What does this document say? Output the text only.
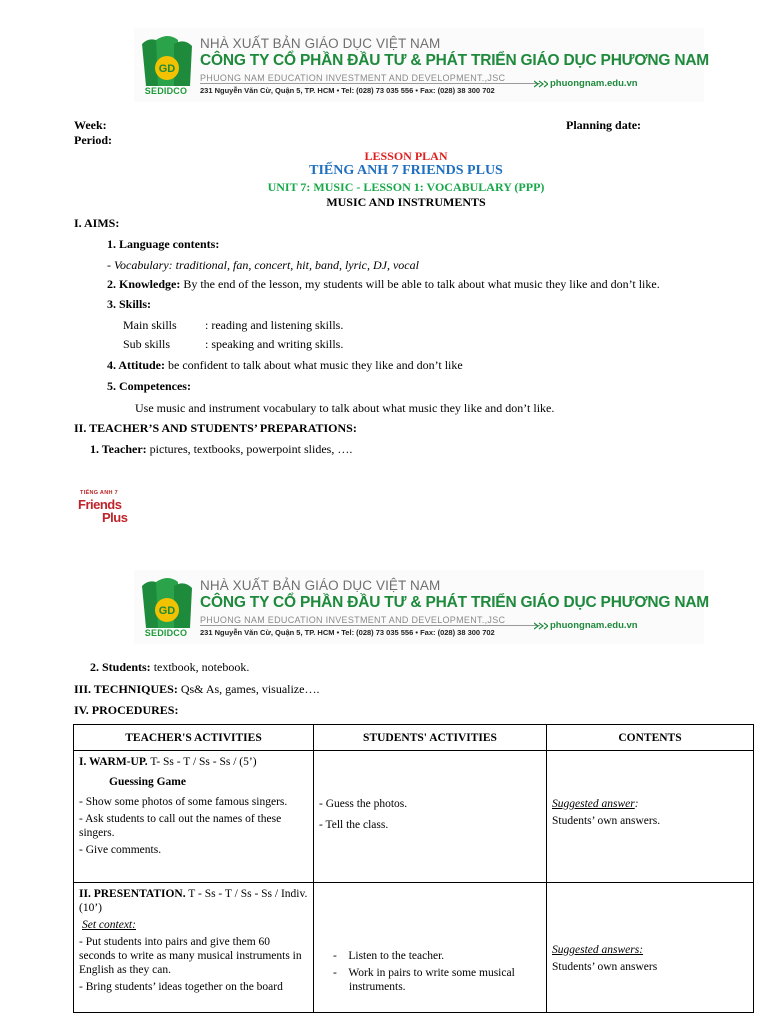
GD
SEDIDCO
NHÀ XUẤT BẢN GIÁO DỤC VIỆT NAM
CÔNG TY CỔ PHẦN ĐẦU TƯ & PHÁT TRIỂN GIÁO DỤC PHƯƠNG NAM
PHUONG NAM EDUCATION INVESTMENT AND DEVELOPMENT.,JSC
231 Nguyễn Văn Cừ, Quận 5, TP. HCM • Tel: (028) 73 035 556 • Fax: (028) 38 300 702
phuongnam.edu.vn
Week:
Period:
Planning date:
LESSON PLAN
TIẾNG ANH 7 FRIENDS PLUS
UNIT 7: MUSIC - LESSON 1: VOCABULARY (PPP)
MUSIC AND INSTRUMENTS
I. AIMS:
1. Language contents:
- Vocabulary: traditional, fan, concert, hit, band, lyric, DJ, vocal
2. Knowledge: By the end of the lesson, my students will be able to talk about what music they like and don’t like.
3. Skills:
Main skills : reading and listening skills.
Sub skills	: speaking and writing skills.
4. Attitude: be confident to talk about what music they like and don’t like
5. Competences:
Use music and instrument vocabulary to talk about what music they like and don’t like.
II. TEACHER’S AND STUDENTS’ PREPARATIONS:
1. Teacher: pictures, textbooks, powerpoint slides, ….
TIẾNG ANH 7
Friends
Plus
GD
SEDIDCO
NHÀ XUẤT BẢN GIÁO DỤC VIỆT NAM
CÔNG TY CỔ PHẦN ĐẦU TƯ & PHÁT TRIỂN GIÁO DỤC PHƯƠNG NAM
PHUONG NAM EDUCATION INVESTMENT AND DEVELOPMENT.,JSC
231 Nguyễn Văn Cừ, Quận 5, TP. HCM • Tel: (028) 73 035 556 • Fax: (028) 38 300 702
phuongnam.edu.vn
2. Students: textbook, notebook.
III. TECHNIQUES: Qs& As, games, visualize….
IV. PROCEDURES:
TEACHER'S ACTIVITIES	STUDENTS' ACTIVITIES	CONTENTS

I. WARM-UP. T- Ss - T / Ss - Ss / (5’)
Guessing Game
- Show some photos of some famous singers.
- Ask students to call out the names of these singers.
- Give comments.	- Guess the photos.
- Tell the class.	Suggested answer:
Students’ own answers.

II. PRESENTATION. T - Ss - T / Ss - Ss / Indiv. (10’)
Set context:
- Put students into pairs and give them 60 seconds to write as many musical instruments in English as they can.
- Bring students’ ideas together on the board	-    Listen to the teacher.
-    Work in pairs to write some musical instruments.	Suggested answers:
Students’ own answers
